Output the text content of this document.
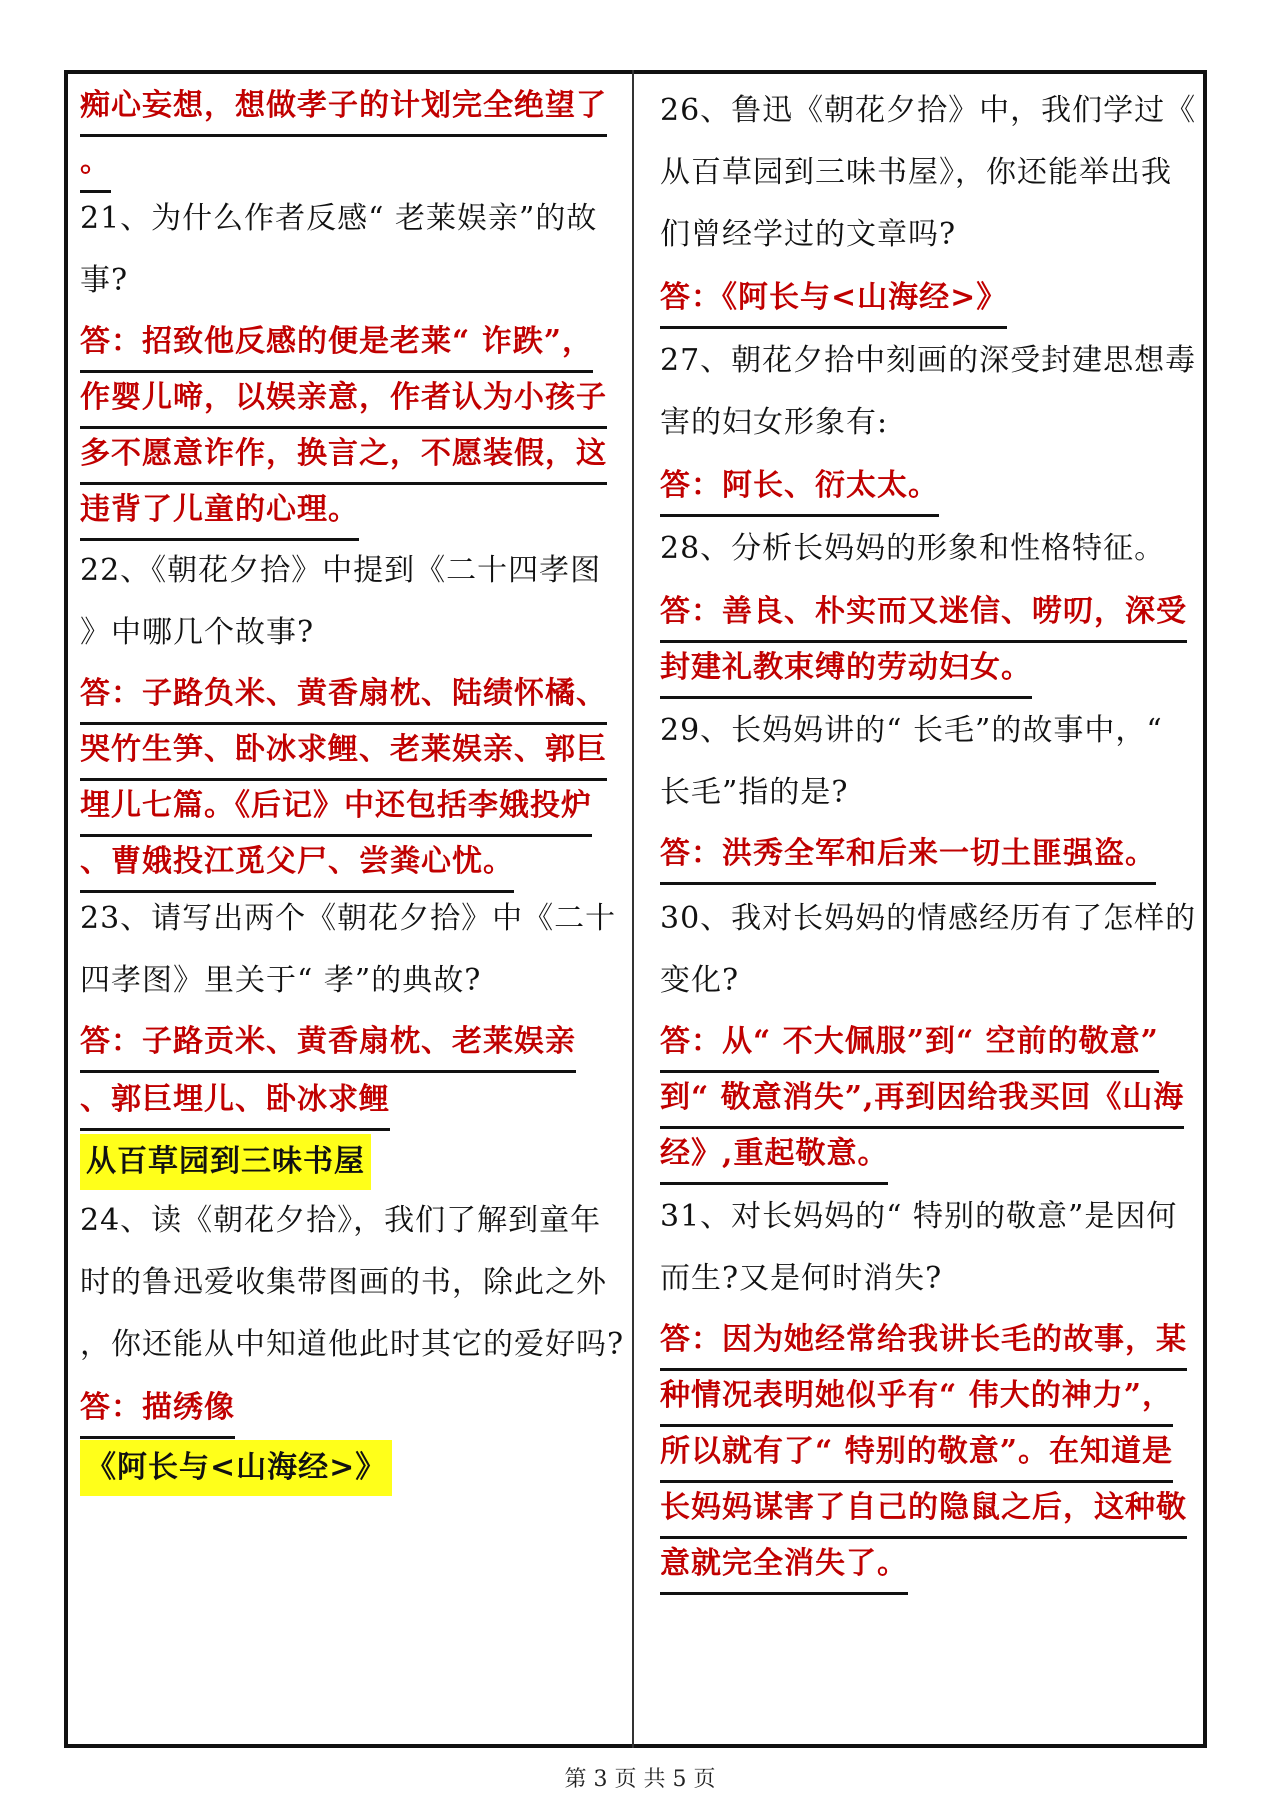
痴心妄想，想做孝子的计划完全绝望了
。
21、为什么作者反感“ 老莱娱亲”的故
事?
答：招致他反感的便是老莱“ 诈跌”，
作婴儿啼，以娱亲意，作者认为小孩子
多不愿意诈作，换言之，不愿装假，这
违背了儿童的心理。
22、《朝花夕拾》中提到《二十四孝图
》中哪几个故事?
答：子路负米、黄香扇枕、陆绩怀橘、
哭竹生笋、卧冰求鲤、老莱娱亲、郭巨
埋儿七篇。《后记》中还包括李娥投炉
、曹娥投江觅父尸、尝粪心忧。
23、请写出两个《朝花夕拾》中《二十
四孝图》里关于“ 孝”的典故?
答：子路贡米、黄香扇枕、老莱娱亲
、郭巨埋儿、卧冰求鲤
从百草园到三味书屋
24、读《朝花夕拾》，我们了解到童年
时的鲁迅爱收集带图画的书，除此之外
，你还能从中知道他此时其它的爱好吗?
答：描绣像
《阿长与<山海经>》
26、鲁迅《朝花夕拾》中，我们学过《
从百草园到三味书屋》，你还能举出我
们曾经学过的文章吗?
答：《阿长与<山海经>》
27、朝花夕拾中刻画的深受封建思想毒
害的妇女形象有:
答：阿长、衍太太。
28、分析长妈妈的形象和性格特征。
答：善良、朴实而又迷信、唠叨，深受
封建礼教束缚的劳动妇女。
29、长妈妈讲的“ 长毛”的故事中，“
长毛”指的是?
答：洪秀全军和后来一切土匪强盗。
30、我对长妈妈的情感经历有了怎样的
变化?
答：从“ 不大佩服”到“ 空前的敬意”
到“ 敬意消失”,再到因给我买回《山海
经》,重起敬意。
31、对长妈妈的“ 特别的敬意”是因何
而生?又是何时消失?
答：因为她经常给我讲长毛的故事，某
种情况表明她似乎有“ 伟大的神力”，
所以就有了“ 特别的敬意”。在知道是
长妈妈谋害了自己的隐鼠之后，这种敬
意就完全消失了。
第 3 页 共 5 页
